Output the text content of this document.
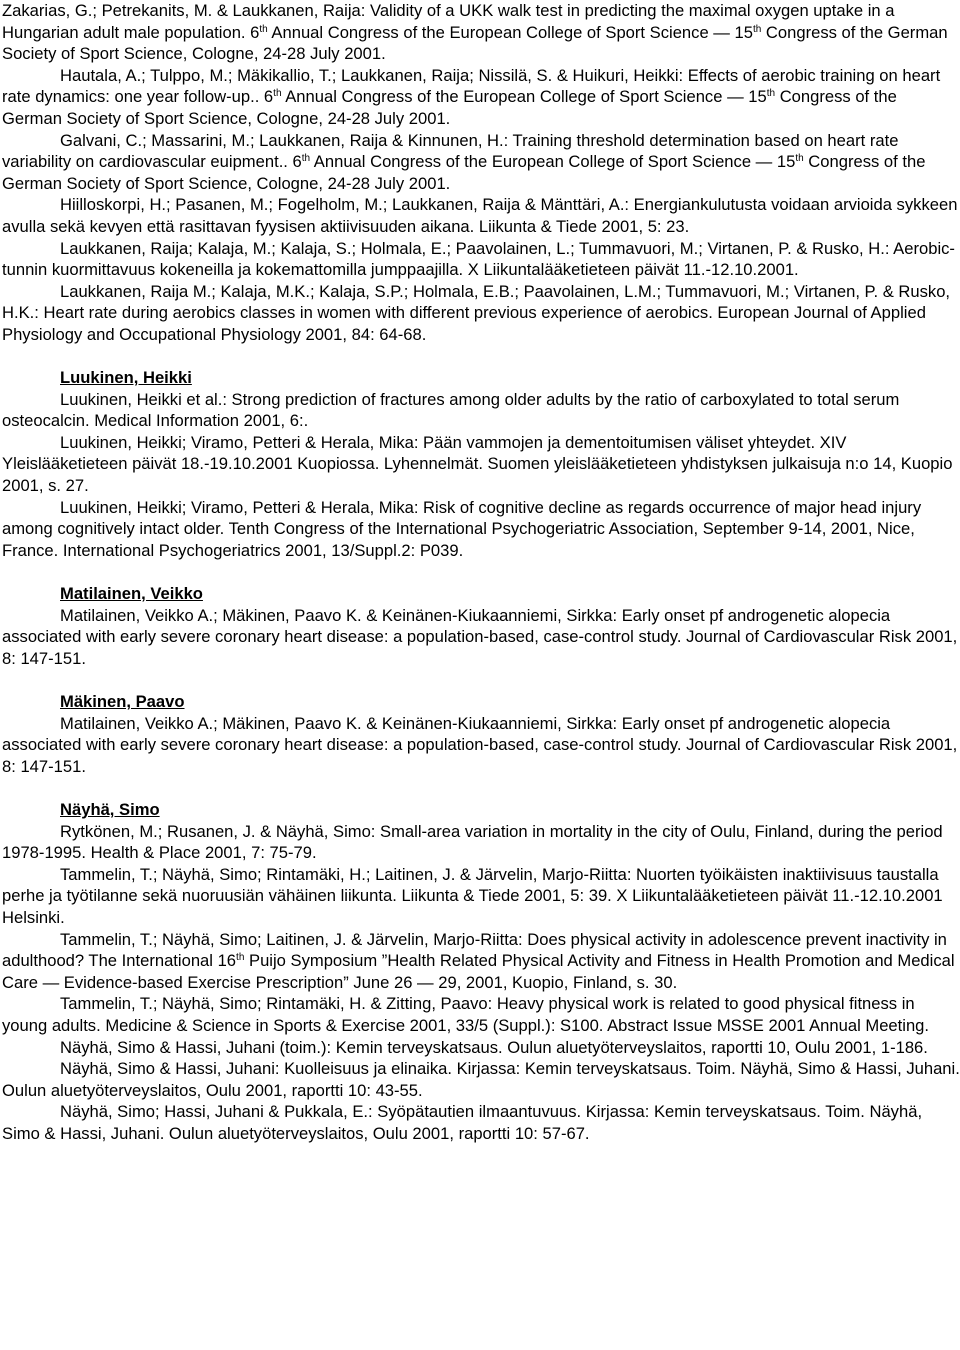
Zakarias, G.; Petrekanits, M. & Laukkanen, Raija: Validity of a UKK walk test in predicting the maximal oxygen uptake in a Hungarian adult male population. 6th Annual Congress of the European College of Sport Science — 15th Congress of the German Society of Sport Science, Cologne, 24-28 July 2001.

Hautala, A.; Tulppo, M.; Mäkikallio, T.; Laukkanen, Raija; Nissilä, S. & Huikuri, Heikki: Effects of aerobic training on heart rate dynamics: one year follow-up.. 6th Annual Congress of the European College of Sport Science — 15th Congress of the German Society of Sport Science, Cologne, 24-28 July 2001.

Galvani, C.; Massarini, M.; Laukkanen, Raija & Kinnunen, H.: Training threshold determination based on heart rate variability on cardiovascular euipment.. 6th Annual Congress of the European College of Sport Science — 15th Congress of the German Society of Sport Science, Cologne, 24-28 July 2001.

Hiilloskorpi, H.; Pasanen, M.; Fogelholm, M.; Laukkanen, Raija & Mänttäri, A.: Energiankulutusta voidaan arvioida sykkeen avulla sekä kevyen että rasittavan fyysisen aktiivisuuden aikana. Liikunta & Tiede 2001, 5: 23.

Laukkanen, Raija; Kalaja, M.; Kalaja, S.; Holmala, E.; Paavolainen, L.; Tummavuori, M.; Virtanen, P. & Rusko, H.: Aerobic-tunnin kuormittavuus kokeneilla ja kokemattomilla jumppaajilla. X Liikuntalääketieteen päivät 11.-12.10.2001.

Laukkanen, Raija M.; Kalaja, M.K.; Kalaja, S.P.; Holmala, E.B.; Paavolainen, L.M.; Tummavuori, M.; Virtanen, P. & Rusko, H.K.: Heart rate during aerobics classes in women with different previous experience of aerobics. European Journal of Applied Physiology and Occupational Physiology 2001, 84: 64-68.

Luukinen, Heikki

Luukinen, Heikki et al.: Strong prediction of fractures among older adults by the ratio of carboxylated to total serum osteocalcin. Medical Information 2001, 6:.

Luukinen, Heikki; Viramo, Petteri & Herala, Mika: Pään vammojen ja dementoitumisen väliset yhteydet. XIV Yleislääketieteen päivät 18.-19.10.2001 Kuopiossa. Lyhennelmät. Suomen yleislääketieteen yhdistyksen julkaisuja n:o 14, Kuopio 2001, s. 27.

Luukinen, Heikki; Viramo, Petteri & Herala, Mika: Risk of cognitive decline as regards occurrence of major head injury among cognitively intact older. Tenth Congress of the International Psychogeriatric Association, September 9-14, 2001, Nice, France. International Psychogeriatrics 2001, 13/Suppl.2: P039.

Matilainen, Veikko

Matilainen, Veikko A.; Mäkinen, Paavo K. & Keinänen-Kiukaanniemi, Sirkka: Early onset pf androgenetic alopecia associated with early severe coronary heart disease: a population-based, case-control study. Journal of Cardiovascular Risk 2001, 8: 147-151.

Mäkinen, Paavo

Matilainen, Veikko A.; Mäkinen, Paavo K. & Keinänen-Kiukaanniemi, Sirkka: Early onset pf androgenetic alopecia associated with early severe coronary heart disease: a population-based, case-control study. Journal of Cardiovascular Risk 2001, 8: 147-151.

Näyhä, Simo

Rytkönen, M.; Rusanen, J. & Näyhä, Simo: Small-area variation in mortality in the city of Oulu, Finland, during the period 1978-1995. Health & Place 2001, 7: 75-79.

Tammelin, T.; Näyhä, Simo; Rintamäki, H.; Laitinen, J. & Järvelin, Marjo-Riitta: Nuorten työikäisten inaktiivisuus taustalla perhe ja työtilanne sekä nuoruusiän vähäinen liikunta. Liikunta & Tiede 2001, 5: 39. X Liikuntalääketieteen päivät 11.-12.10.2001 Helsinki.

Tammelin, T.; Näyhä, Simo; Laitinen, J. & Järvelin, Marjo-Riitta: Does physical activity in adolescence prevent inactivity in adulthood? The International 16th Puijo Symposium ”Health Related Physical Activity and Fitness in Health Promotion and Medical Care — Evidence-based Exercise Prescription” June 26 — 29, 2001, Kuopio, Finland, s. 30.

Tammelin, T.; Näyhä, Simo; Rintamäki, H. & Zitting, Paavo: Heavy physical work is related to good physical fitness in young adults. Medicine & Science in Sports & Exercise 2001, 33/5 (Suppl.): S100. Abstract Issue MSSE 2001 Annual Meeting.

Näyhä, Simo & Hassi, Juhani (toim.): Kemin terveyskatsaus. Oulun aluetyöterveyslaitos, raportti 10, Oulu 2001, 1-186.

Näyhä, Simo & Hassi, Juhani: Kuolleisuus ja elinaika. Kirjassa: Kemin terveyskatsaus. Toim. Näyhä, Simo & Hassi, Juhani. Oulun aluetyöterveyslaitos, Oulu 2001, raportti 10: 43-55.

Näyhä, Simo; Hassi, Juhani & Pukkala, E.: Syöpätautien ilmaantuvuus. Kirjassa: Kemin terveyskatsaus. Toim. Näyhä, Simo & Hassi, Juhani. Oulun aluetyöterveyslaitos, Oulu 2001, raportti 10: 57-67.
